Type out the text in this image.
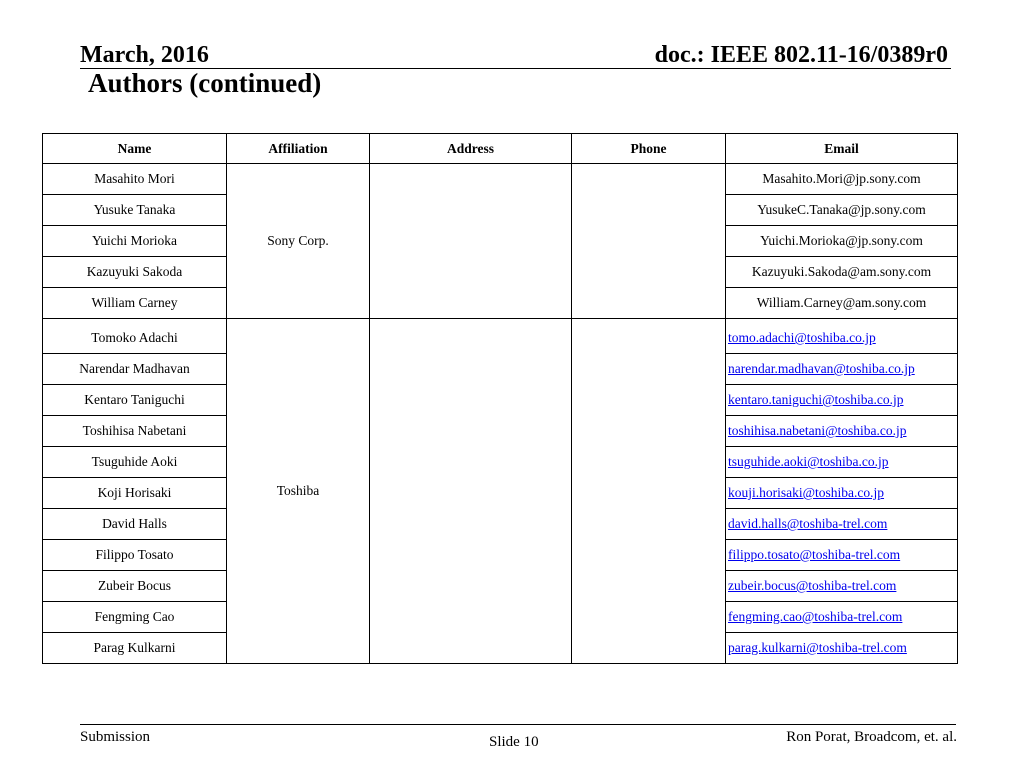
March, 2016	doc.: IEEE 802.11-16/0389r0
Authors (continued)
Name	Affiliation	Address	Phone	Email
Masahito Mori	Sony Corp.			Masahito.Mori@jp.sony.com
Yusuke Tanaka				YusukeC.Tanaka@jp.sony.com
Yuichi Morioka				Yuichi.Morioka@jp.sony.com
Kazuyuki Sakoda				Kazuyuki.Sakoda@am.sony.com
William Carney				William.Carney@am.sony.com
Tomoko Adachi	Toshiba			tomo.adachi@toshiba.co.jp
Narendar Madhavan				narendar.madhavan@toshiba.co.jp
Kentaro Taniguchi				kentaro.taniguchi@toshiba.co.jp
Toshihisa Nabetani				toshihisa.nabetani@toshiba.co.jp
Tsuguhide Aoki				tsuguhide.aoki@toshiba.co.jp
Koji Horisaki				kouji.horisaki@toshiba.co.jp
David Halls				david.halls@toshiba-trel.com
Filippo Tosato				filippo.tosato@toshiba-trel.com
Zubeir Bocus				zubeir.bocus@toshiba-trel.com
Fengming Cao				fengming.cao@toshiba-trel.com
Parag Kulkarni				parag.kulkarni@toshiba-trel.com
Submission	Slide 10	Ron Porat, Broadcom, et. al.
